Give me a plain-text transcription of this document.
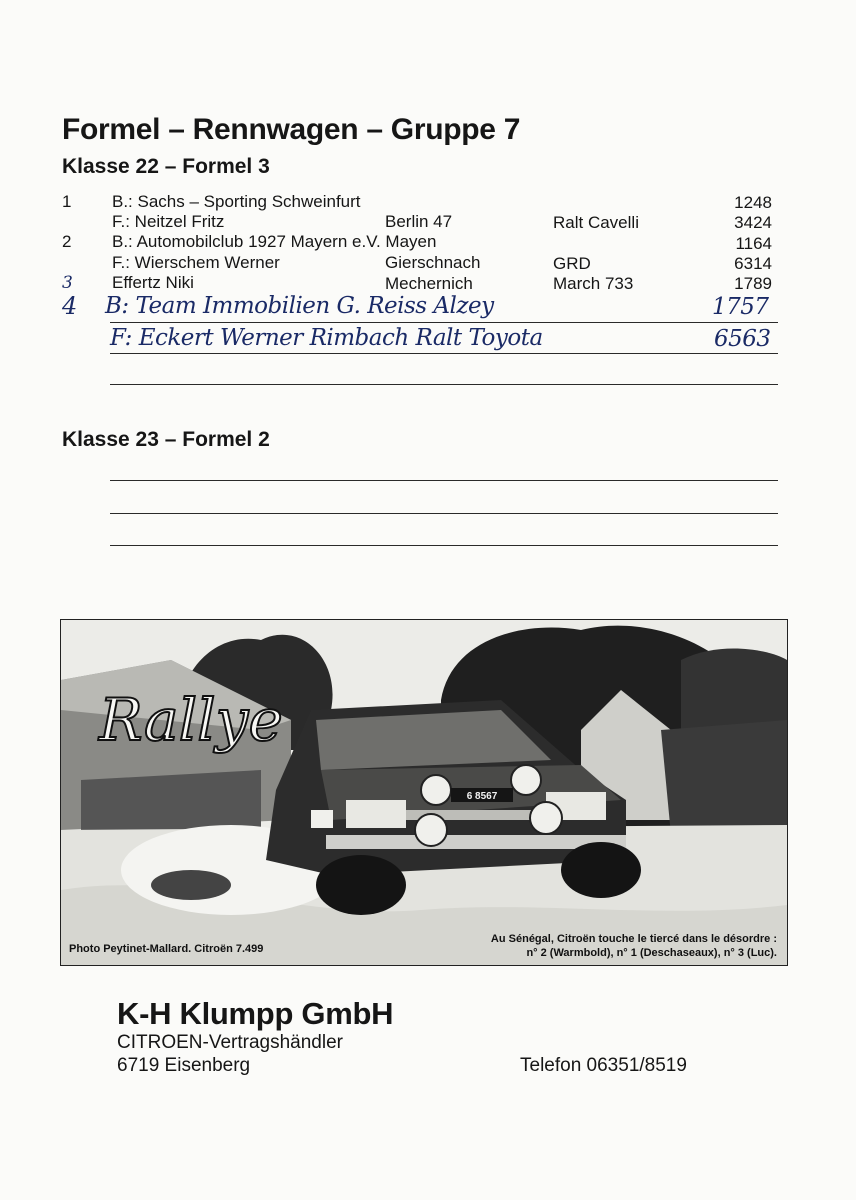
Formel – Rennwagen – Gruppe 7
Klasse 22 – Formel 3
1 B.: Sachs – Sporting Schweinfurt	1248
F.: Neitzel Fritz	Berlin 47	Ralt Cavelli	3424
2 B.: Automobilclub 1927 Mayern e.V. Mayen	1164
F.: Wierschem Werner	Gierschnach	GRD	6314
3 Effertz Niki	Mechernich	March 733	1789
4 B: Team Immobilien G. Reiss Alzey	1757
F: Eckert Werner Rimbach Ralt Toyota	6563
Klasse 23 – Formel 2
6 8567
Rallye
Photo Peytinet-Mallard. Citroën 7.499
Au Sénégal, Citroën touche le tiercé dans le désordre :
n° 2 (Warmbold), n° 1 (Deschaseaux), n° 3 (Luc).
K-H Klumpp GmbH
CITROEN-Vertragshändler
6719 Eisenberg	Telefon 06351/8519
